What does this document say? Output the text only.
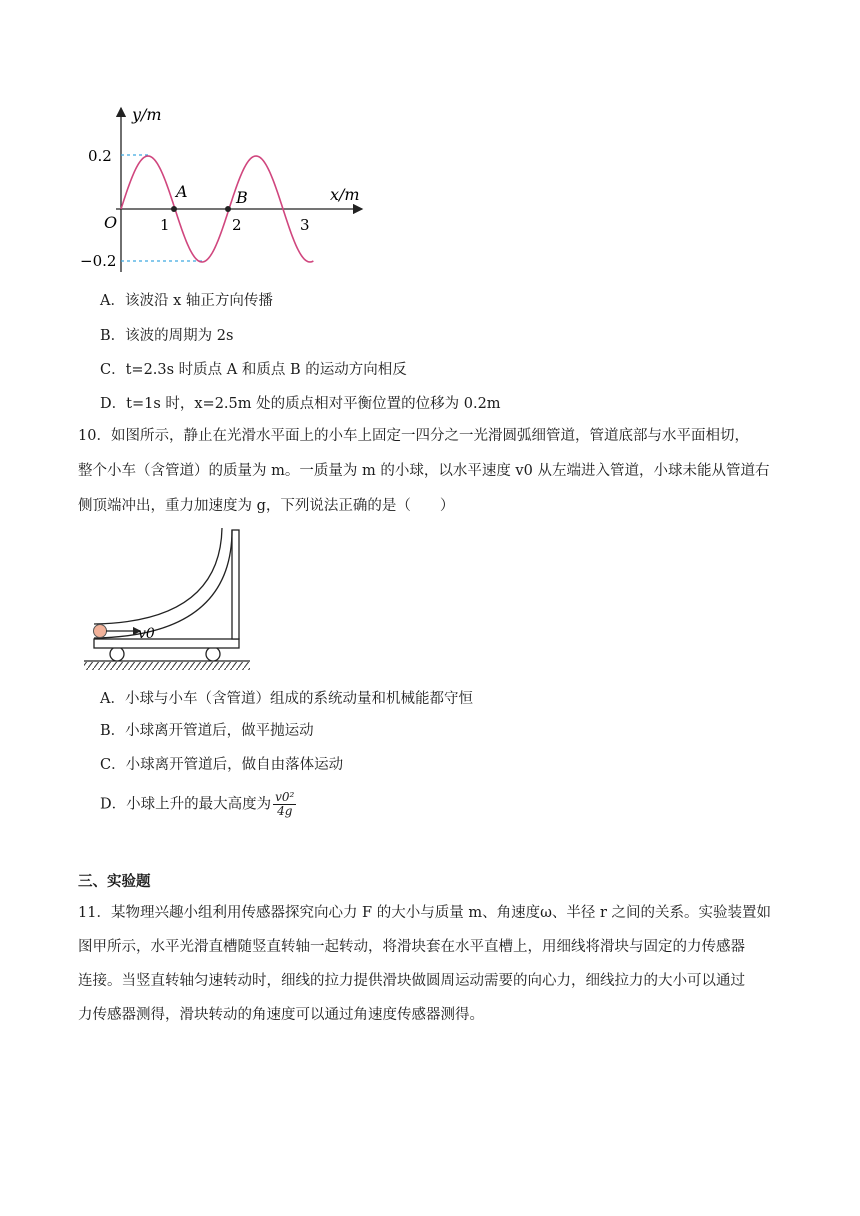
y/m
x/m
O
0.2
−0.2
1	2	3
A	B
A．该波沿 x 轴正方向传播
B．该波的周期为 2s
C．t=2.3s 时质点 A 和质点 B 的运动方向相反
D．t=1s 时，x=2.5m 处的质点相对平衡位置的位移为 0.2m
10．如图所示，静止在光滑水平面上的小车上固定一四分之一光滑圆弧细管道，管道底部与水平面相切，
整个小车（含管道）的质量为 m。一质量为 m 的小球，以水平速度 v0 从左端进入管道，小球未能从管道右
侧顶端冲出，重力加速度为 g，下列说法正确的是（　　）
v0
A．小球与小车（含管道）组成的系统动量和机械能都守恒
B．小球离开管道后，做平抛运动
C．小球离开管道后，做自由落体运动
D．小球上升的最大高度为 $\frac{\text{v0²}}{4g}$
三、实验题
11．某物理兴趣小组利用传感器探究向心力 F 的大小与质量 m、角速度ω、半径 r 之间的关系。实验装置如
图甲所示，水平光滑直槽随竖直转轴一起转动，将滑块套在水平直槽上，用细线将滑块与固定的力传感器
连接。当竖直转轴匀速转动时，细线的拉力提供滑块做圆周运动需要的向心力，细线拉力的大小可以通过
力传感器测得，滑块转动的角速度可以通过角速度传感器测得。
